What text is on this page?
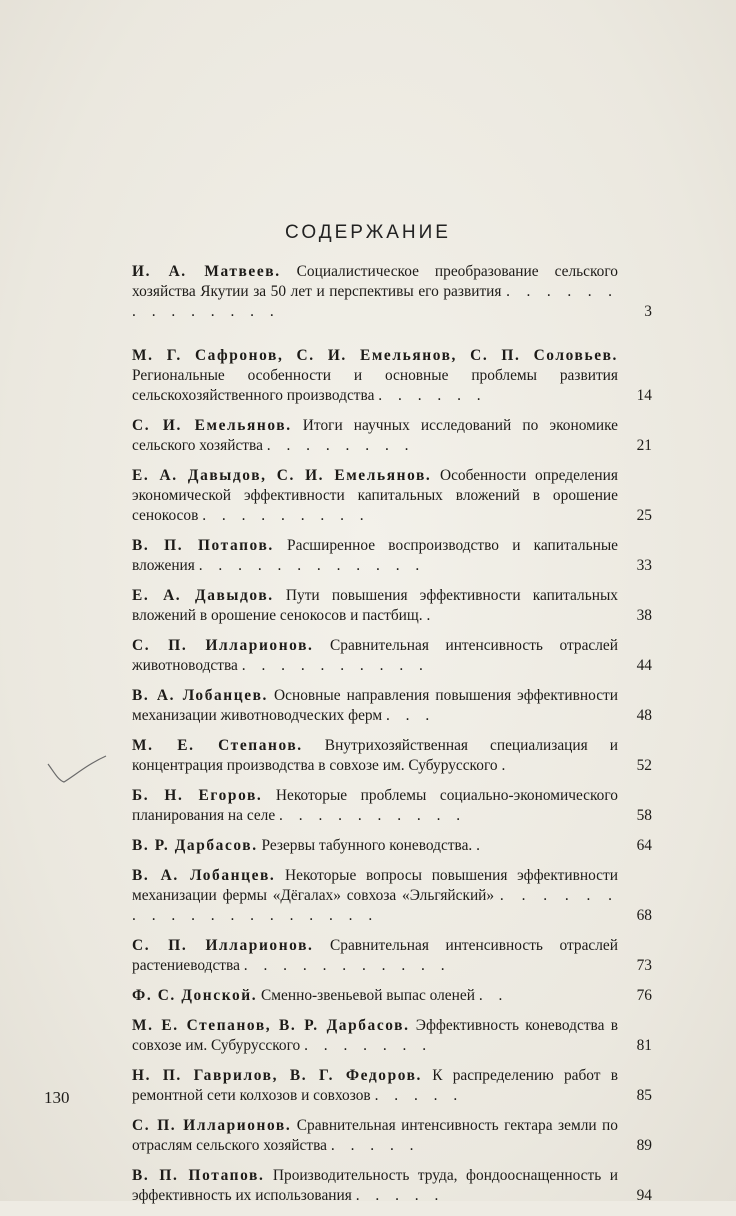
СОДЕРЖАНИЕ
И. А. Матвеев. Социалистическое преобразование сельского хозяйства Якутии за 50 лет и перспективы его развития . . . . . . . . . . . . . .	3
М. Г. Сафронов, С. И. Емельянов, С. П. Соловьев. Региональные особенности и основные проблемы развития сельскохозяйственного производства . . . . . .	14
С. И. Емельянов. Итоги научных исследований по экономике сельского хозяйства . . . . . . . .	21
Е. А. Давыдов, С. И. Емельянов. Особенности определения экономической эффективности капитальных вложений в орошение сенокосов . . . . . . . . .	25
В. П. Потапов. Расширенное воспроизводство и капитальные вложения . . . . . . . . . . . .	33
Е. А. Давыдов. Пути повышения эффективности капитальных вложений в орошение сенокосов и пастбищ. .	38
С. П. Илларионов. Сравнительная интенсивность отраслей животноводства . . . . . . . . . .	44
В. А. Лобанцев. Основные направления повышения эффективности механизации животноводческих ферм . . .	48
М. Е. Степанов. Внутрихозяйственная специализация и концентрация производства в совхозе им. Субурусского .	52
Б. Н. Егоров. Некоторые проблемы социально-экономического планирования на селе . . . . . . . . . .	58
В. Р. Дарбасов. Резервы табунного коневодства. .	64
В. А. Лобанцев. Некоторые вопросы повышения эффективности механизации фермы «Дёгалах» совхоза «Эльгяйский» . . . . . . . . . . . . . . . . . . .	68
С. П. Илларионов. Сравнительная интенсивность отраслей растениеводства . . . . . . . . . . .	73
Ф. С. Донской. Сменно-звеньевой выпас оленей . .	76
М. Е. Степанов, В. Р. Дарбасов. Эффективность коневодства в совхозе им. Субурусского . . . . . . .	81
Н. П. Гаврилов, В. Г. Федоров. К распределению работ в ремонтной сети колхозов и совхозов . . . . .	85
С. П. Илларионов. Сравнительная интенсивность гектара земли по отраслям сельского хозяйства . . . . .	89
В. П. Потапов. Производительность труда, фондооснащенность и эффективность их использования . . . . .	94
130
